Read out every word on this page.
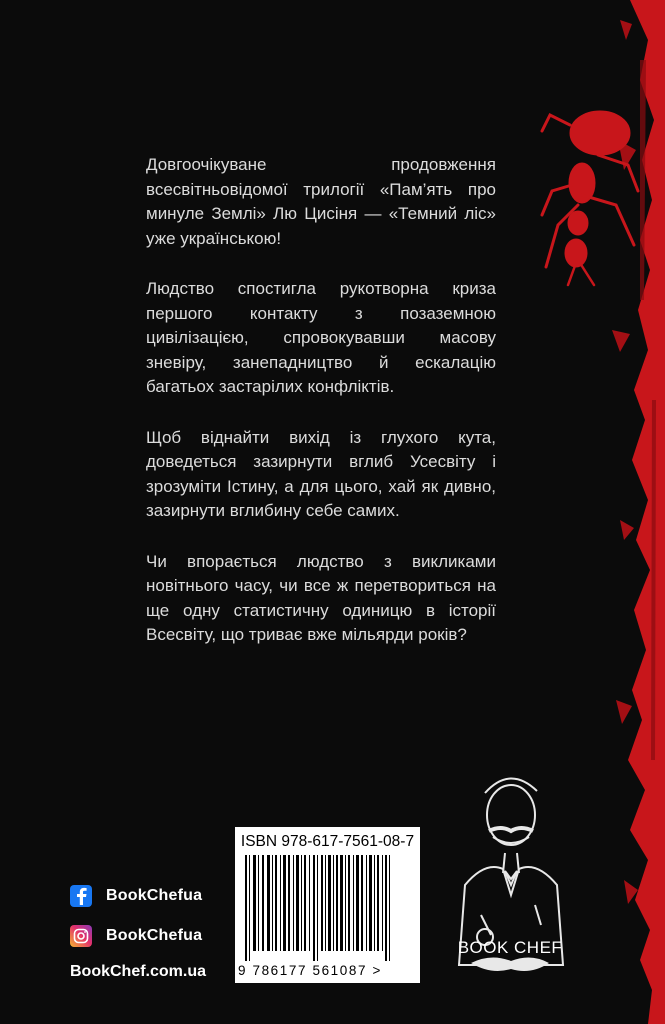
Довгоочікуване продовження всесвітньовідомої трилогії «Пам’ять про минуле Землі» Лю Цисіня — «Темний ліс» уже українською!

Людство спостигла рукотворна криза першого контакту з позаземною цивілізацією, спровокувавши масову зневіру, занепадництво й ескалацію багатьох застарілих конфліктів.

Щоб віднайти вихід із глухого кута, доведеться зазирнути вглиб Усесвіту і зрозуміти Істину, а для цього, хай як дивно, зазирнути вглибину себе самих.

Чи впорається людство з викликами новітнього часу, чи все ж перетвориться на ще одну статистичну одиницю в історії Всесвіту, що триває вже мільярди років?

BookChefua
BookChefua
BookChef.com.ua
ISBN 978-617-7561-08-7
9 786177 561087 >
BOOK CHEF
